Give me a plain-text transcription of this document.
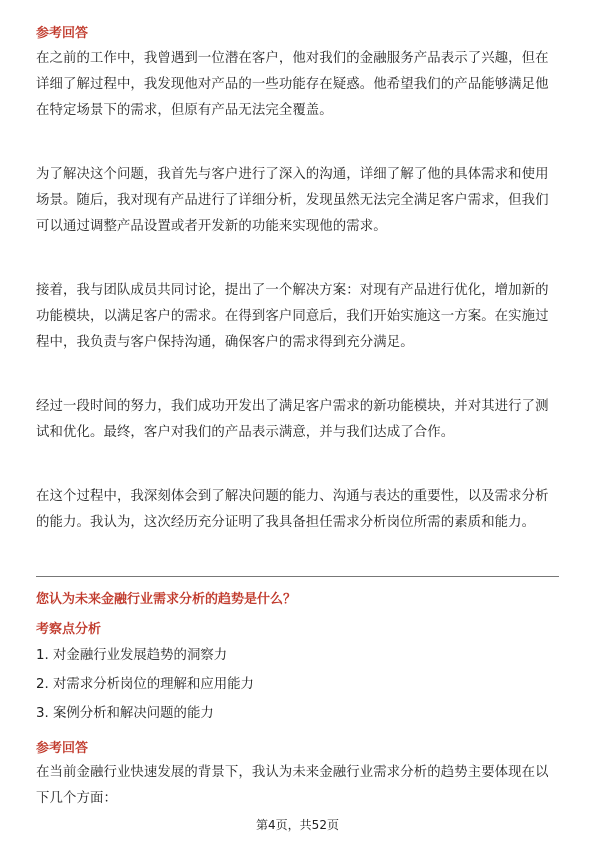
参考回答
在之前的工作中，我曾遇到一位潜在客户，他对我们的金融服务产品表示了兴趣，但在详细了解过程中，我发现他对产品的一些功能存在疑惑。他希望我们的产品能够满足他在特定场景下的需求，但原有产品无法完全覆盖。
为了解决这个问题，我首先与客户进行了深入的沟通，详细了解了他的具体需求和使用场景。随后，我对现有产品进行了详细分析，发现虽然无法完全满足客户需求，但我们可以通过调整产品设置或者开发新的功能来实现他的需求。
接着，我与团队成员共同讨论，提出了一个解决方案：对现有产品进行优化，增加新的功能模块，以满足客户的需求。在得到客户同意后，我们开始实施这一方案。在实施过程中，我负责与客户保持沟通，确保客户的需求得到充分满足。
经过一段时间的努力，我们成功开发出了满足客户需求的新功能模块，并对其进行了测试和优化。最终，客户对我们的产品表示满意，并与我们达成了合作。
在这个过程中，我深刻体会到了解决问题的能力、沟通与表达的重要性，以及需求分析的能力。我认为，这次经历充分证明了我具备担任需求分析岗位所需的素质和能力。
您认为未来金融行业需求分析的趋势是什么？
考察点分析
1. 对金融行业发展趋势的洞察力
2. 对需求分析岗位的理解和应用能力
3. 案例分析和解决问题的能力
参考回答
在当前金融行业快速发展的背景下，我认为未来金融行业需求分析的趋势主要体现在以下几个方面：
第4页，共52页
